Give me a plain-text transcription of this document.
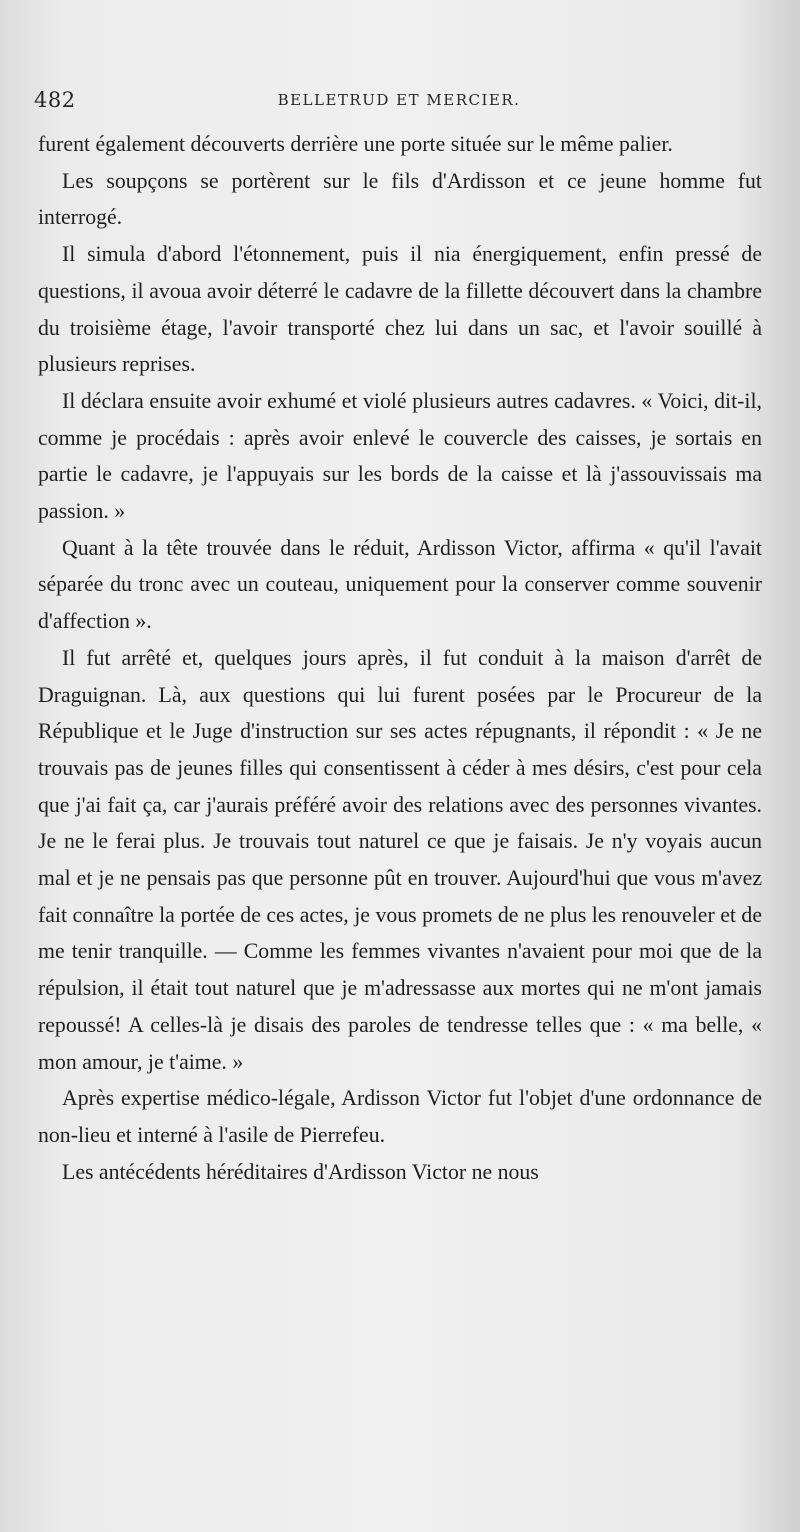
482	BELLETRUD ET MERCIER.

furent également découverts derrière une porte située sur le même palier.

Les soupçons se portèrent sur le fils d'Ardisson et ce jeune homme fut interrogé.

Il simula d'abord l'étonnement, puis il nia énergiquement, enfin pressé de questions, il avoua avoir déterré le cadavre de la fillette découvert dans la chambre du troisième étage, l'avoir transporté chez lui dans un sac, et l'avoir souillé à plusieurs reprises.

Il déclara ensuite avoir exhumé et violé plusieurs autres cadavres. « Voici, dit-il, comme je procédais : après avoir enlevé le couvercle des caisses, je sortais en partie le cadavre, je l'appuyais sur les bords de la caisse et là j'assouvissais ma passion. »

Quant à la tête trouvée dans le réduit, Ardisson Victor, affirma « qu'il l'avait séparée du tronc avec un couteau, uniquement pour la conserver comme souvenir d'affection ».

Il fut arrêté et, quelques jours après, il fut conduit à la maison d'arrêt de Draguignan. Là, aux questions qui lui furent posées par le Procureur de la République et le Juge d'instruction sur ses actes répugnants, il répondit : « Je ne trouvais pas de jeunes filles qui consentissent à céder à mes désirs, c'est pour cela que j'ai fait ça, car j'aurais préféré avoir des relations avec des personnes vivantes. Je ne le ferai plus. Je trouvais tout naturel ce que je faisais. Je n'y voyais aucun mal et je ne pensais pas que personne pût en trouver. Aujourd'hui que vous m'avez fait connaître la portée de ces actes, je vous promets de ne plus les renouveler et de me tenir tranquille. — Comme les femmes vivantes n'avaient pour moi que de la répulsion, il était tout naturel que je m'adressasse aux mortes qui ne m'ont jamais repoussé! A celles-là je disais des paroles de tendresse telles que : « ma belle, « mon amour, je t'aime. »

Après expertise médico-légale, Ardisson Victor fut l'objet d'une ordonnance de non-lieu et interné à l'asile de Pierrefeu.

Les antécédents héréditaires d'Ardisson Victor ne nous
